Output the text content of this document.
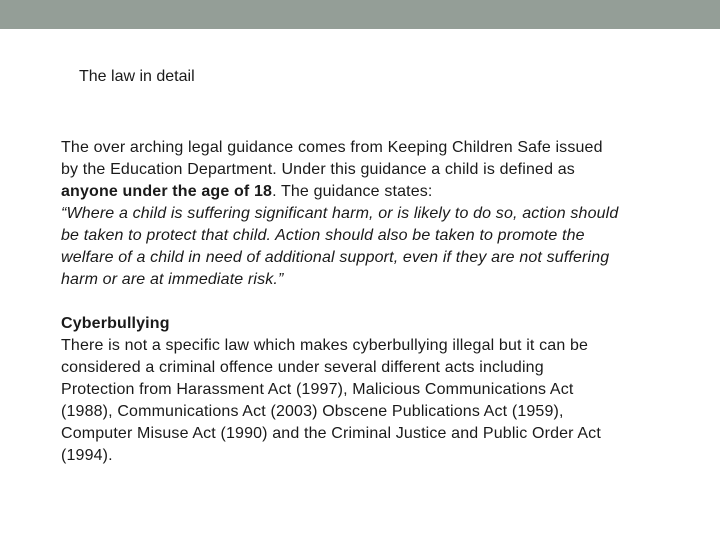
The law in detail

The over arching legal guidance comes from Keeping Children Safe issued by the Education Department. Under this guidance a child is defined as anyone under the age of 18. The guidance states:

“Where a child is suffering significant harm, or is likely to do so, action should be taken to protect that child. Action should also be taken to promote the welfare of a child in need of additional support, even if they are not suffering harm or are at immediate risk.”

Cyberbullying

There is not a specific law which makes cyberbullying illegal but it can be considered a criminal offence under several different acts including Protection from Harassment Act (1997), Malicious Communications Act (1988), Communications Act (2003) Obscene Publications Act (1959), Computer Misuse Act (1990) and the Criminal Justice and Public Order Act (1994).
